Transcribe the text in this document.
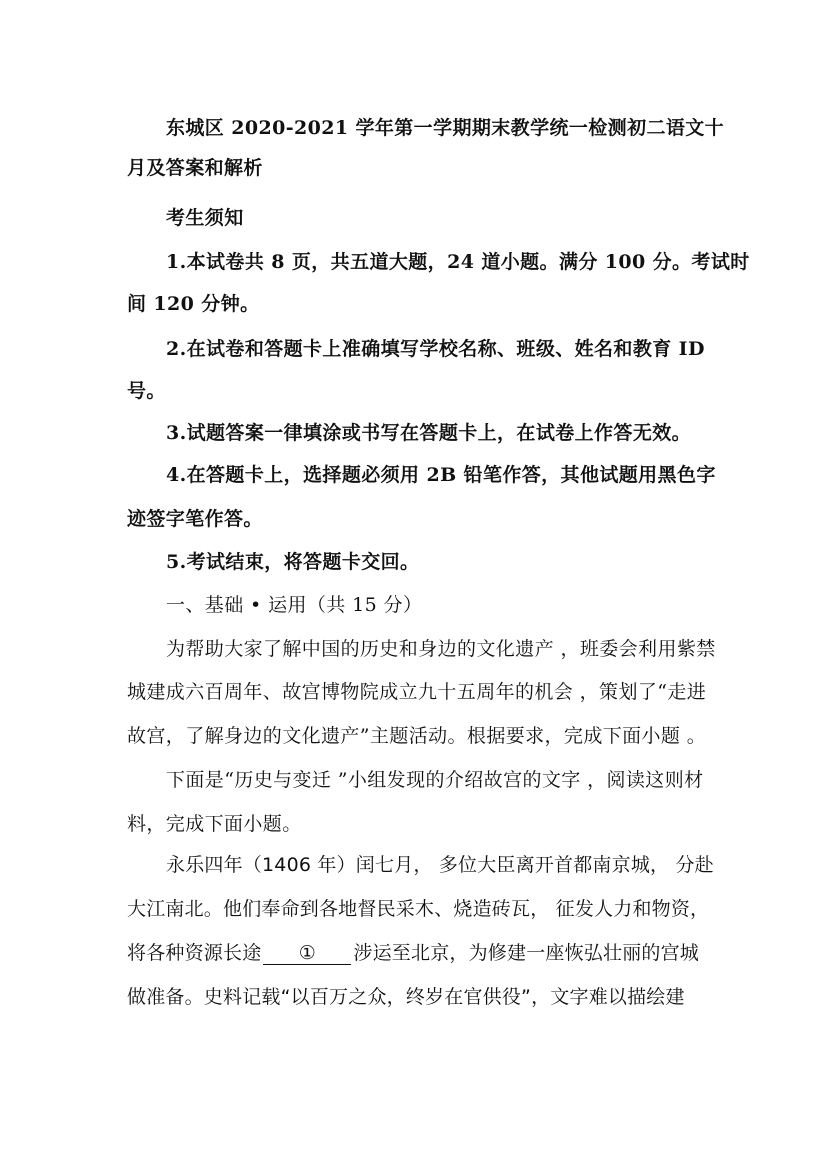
东城区 2020-2021 学年第一学期期末教学统一检测初二语文十
月及答案和解析
考生须知
1.本试卷共 8 页，共五道大题，24 道小题。满分 100 分。考试时
间 120 分钟。
2.在试卷和答题卡上准确填写学校名称、班级、姓名和教育 ID
号。
3.试题答案一律填涂或书写在答题卡上，在试卷上作答无效。
4.在答题卡上，选择题必须用 2B 铅笔作答，其他试题用黑色字
迹签字笔作答。
5.考试结束，将答题卡交回。
一、基础 • 运用（共 15 分）
为帮助大家了解中国的历史和身边的文化遗产 ，班委会利用紫禁
城建成六百周年、故宫博物院成立九十五周年的机会 ，策划了“走进
故宫，了解身边的文化遗产”主题活动。根据要求，完成下面小题 。
下面是“历史与变迁 ”小组发现的介绍故宫的文字 ，阅读这则材
料，完成下面小题。
永乐四年（1406 年）闰七月， 多位大臣离开首都南京城， 分赴
大江南北。他们奉命到各地督民采木、烧造砖瓦， 征发人力和物资，
将各种资源长途 ① 涉运至北京，为修建一座恢弘壮丽的宫城
做准备。史料记载“以百万之众，终岁在官供役”，文字难以描绘建
